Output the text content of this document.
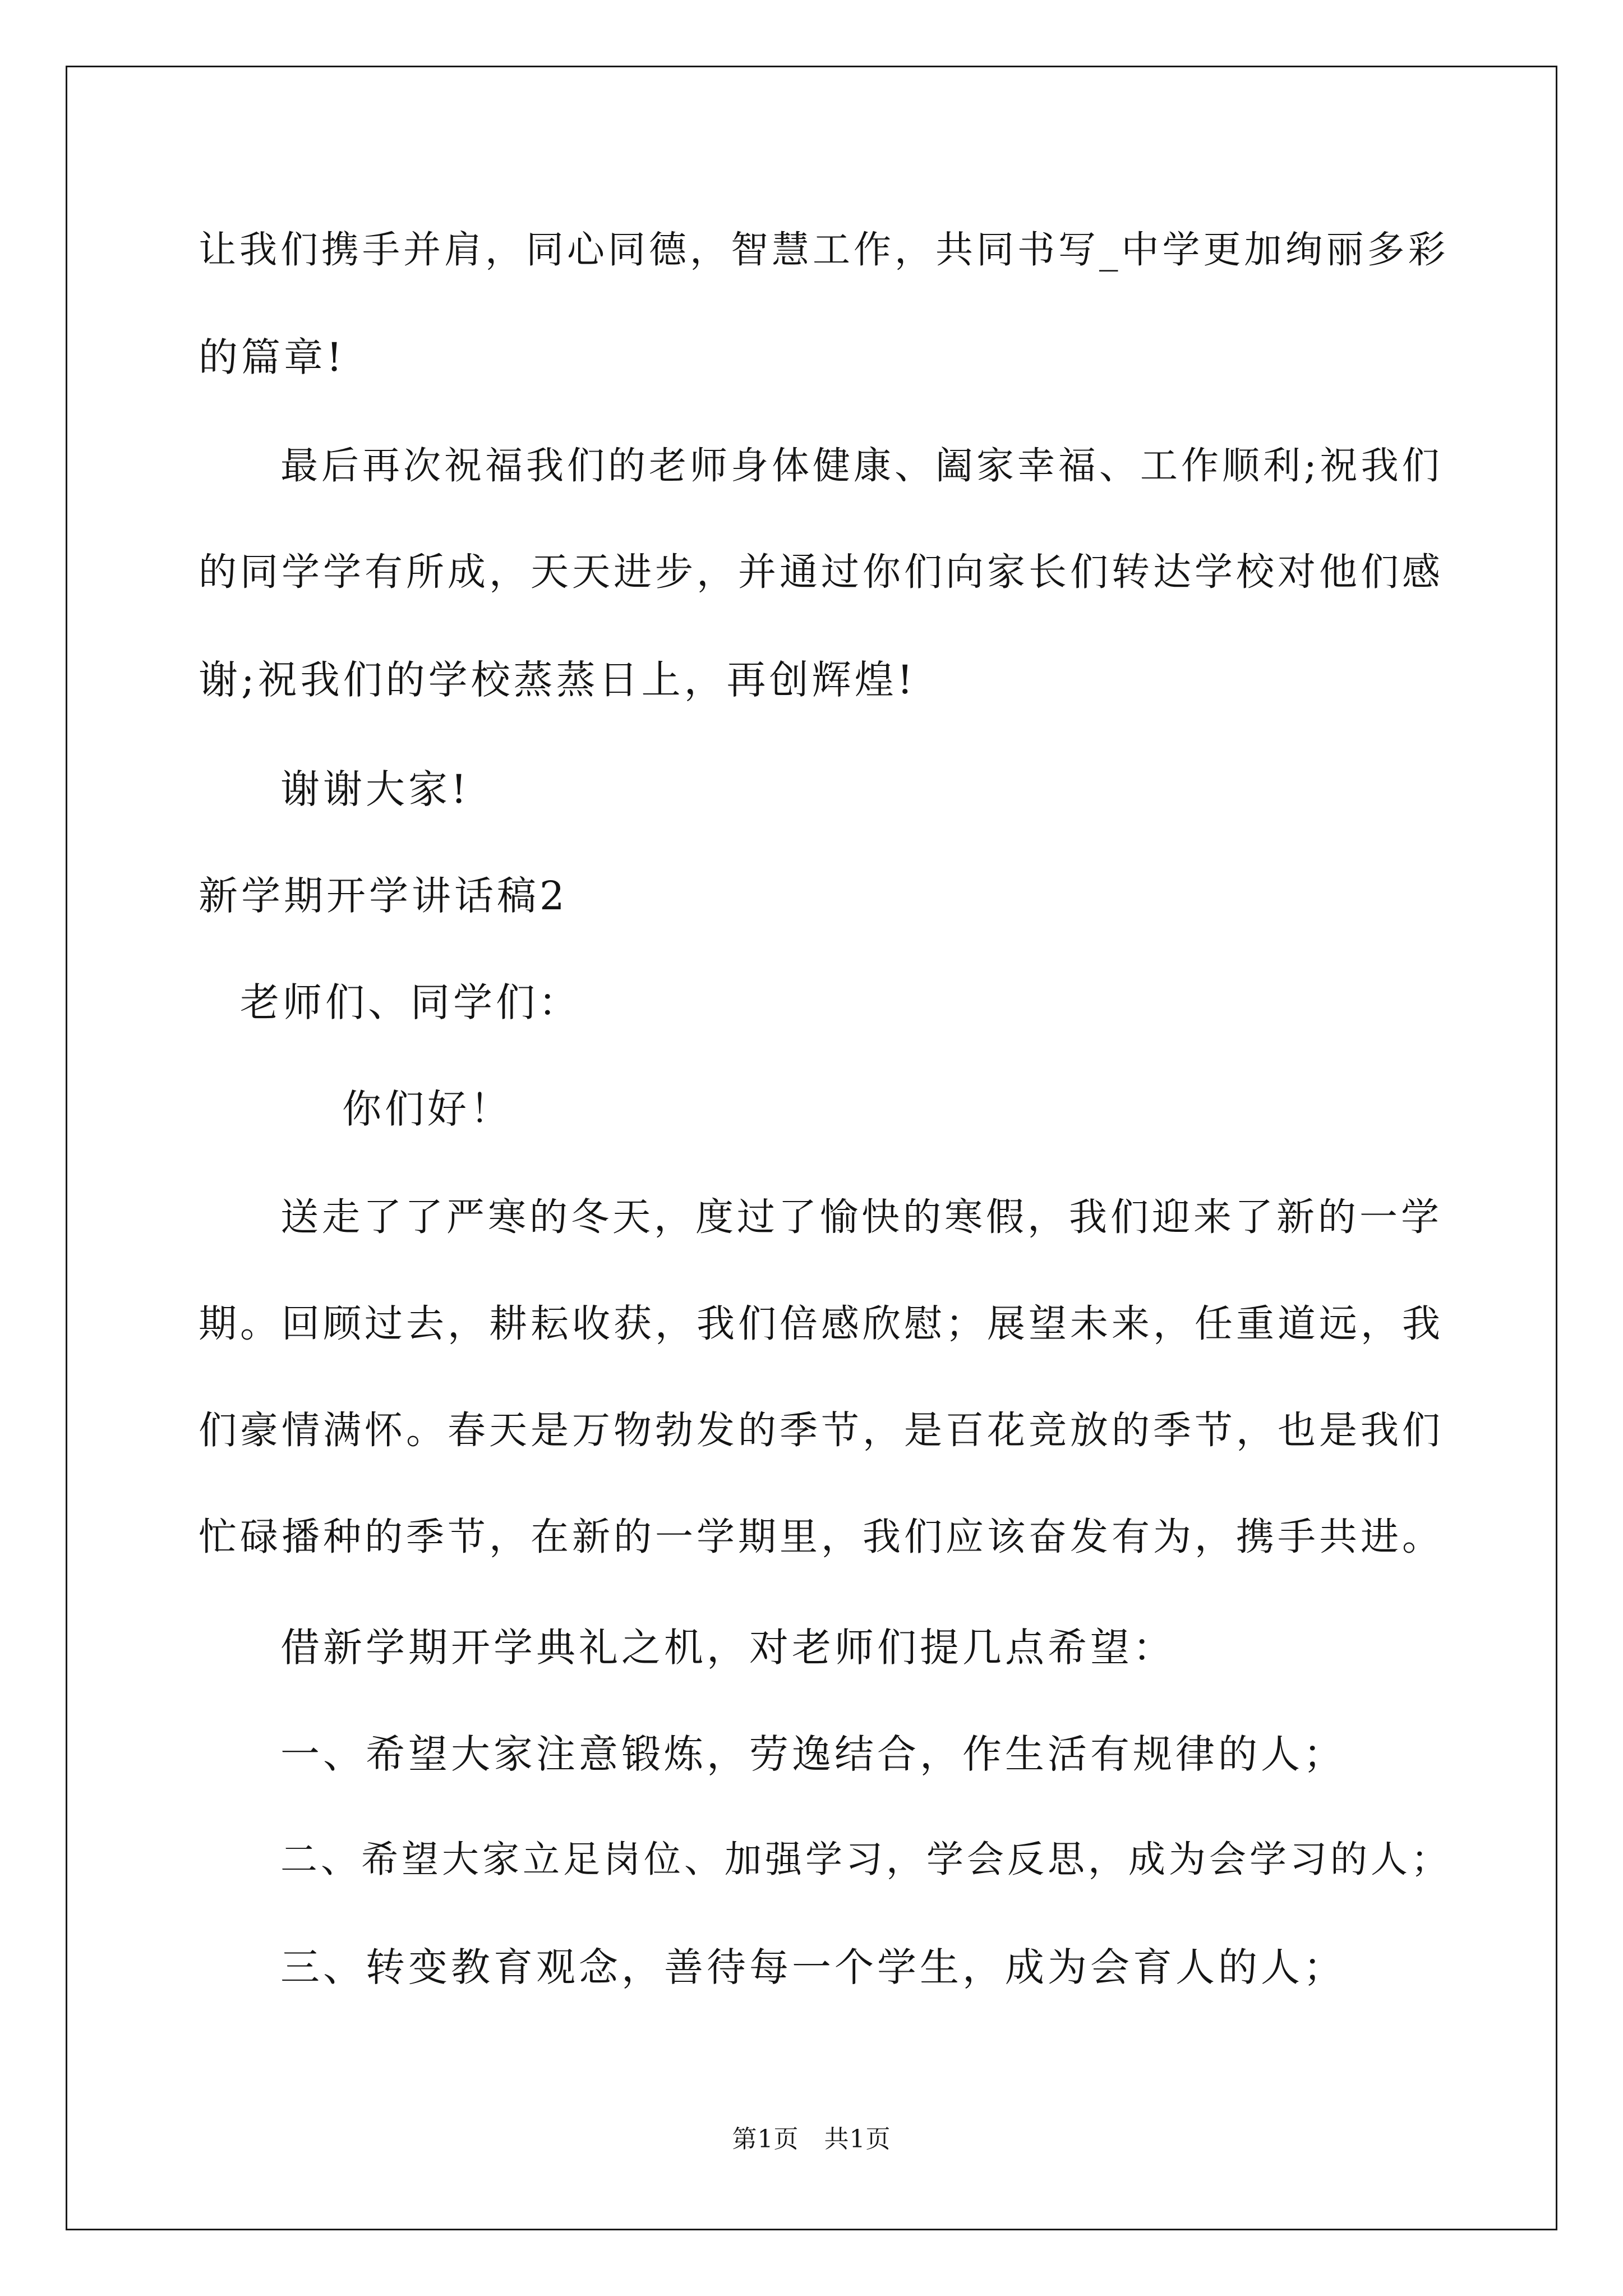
让我们携手并肩，同心同德，智慧工作，共同书写_中学更加绚丽多彩
的篇章!
最后再次祝福我们的老师身体健康、阖家幸福、工作顺利;祝我们
的同学学有所成，天天进步，并通过你们向家长们转达学校对他们感
谢;祝我们的学校蒸蒸日上，再创辉煌!
谢谢大家!
新学期开学讲话稿2
老师们、同学们：
你们好！
送走了了严寒的冬天，度过了愉快的寒假，我们迎来了新的一学
期。回顾过去，耕耘收获，我们倍感欣慰；展望未来，任重道远，我
们豪情满怀。春天是万物勃发的季节，是百花竞放的季节，也是我们
忙碌播种的季节，在新的一学期里，我们应该奋发有为，携手共进。
借新学期开学典礼之机，对老师们提几点希望：
一、希望大家注意锻炼，劳逸结合，作生活有规律的人；
二、希望大家立足岗位、加强学习，学会反思，成为会学习的人；
三、转变教育观念，善待每一个学生，成为会育人的人；
第1页　共1页
